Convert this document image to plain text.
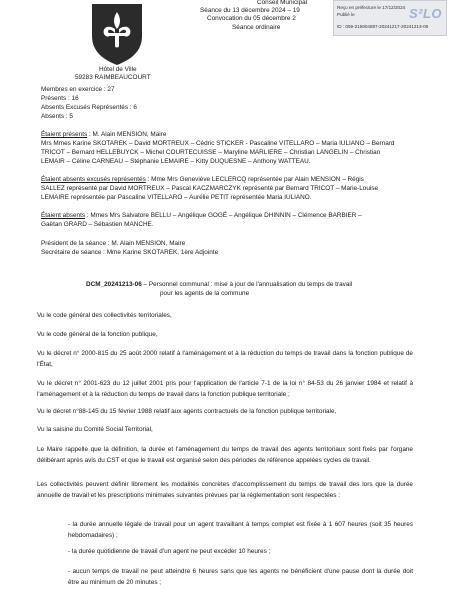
Conseil Municipal
Séance du 13 décembre 2024 – 19
Convocation du 05 décembre 2
Séance ordinaire
Reçu en préfecture le 17/12/2024
Publié le
ID : 059-215904897-20241217-20241213-06
S²LO
Hôtel de Ville
59283 RAIMBEAUCOURT
Membres en exercice : 27
Présents : 16
Absents Excusés Représentés : 6
Absents : 5
Étaient présents : M. Alain MENSION, Maire
Mrs Mmes Karine SKOTAREK – David MORTREUX – Cédric STICKER - Pascaline VITELLARO – Maria IULIANO – Bernard
TRICOT – Bernard HELLEBUYCK – Michel COURTECUISSE – Maryline MARLIERE – Christian LANGELIN – Christian
LEMAIR – Céline CARNEAU – Stéphanie LEMAIRE – Kitty DUQUESNE – Anthony WATTEAU.
Étaient absents excusés représentés : Mme Mrs Geneviève LECLERCQ représentée par Alain MENSION – Régis
SALLEZ représenté par David MORTREUX – Pascal KACZMARCZYK représenté par Bernard TRICOT – Marie-Louise
LEMAIRE représentée par Pascaline VITELLARO – Aurélie PETIT représentée Maria IULIANO.
Étaient absents : Mmes Mrs Salvatore BELLU – Angélique GOGÉ – Angélique DHINNIN – Clémence BARBIER –
Gaëtan GRARD – Sébastien MANCHE.
Président de la séance : M. Alain MENSION, Maire
Secrétaire de séance : Mme Karine SKOTAREK, 1ère Adjointe
DCM_20241213-06 – Personnel communal : mise à jour de l'annualisation du temps de travail
pour les agents de la commune
Vu le code général des collectivités territoriales,
Vu le code général de la fonction publique,
Vu le décret n° 2000-815 du 25 août 2000 relatif à l'aménagement et à la réduction du temps de travail dans la fonction publique de l'État,
Vu le décret n° 2001-623 du 12 juillet 2001 pris pour l'application de l'article 7-1 de la loi n° 84-53 du 26 janvier 1984 et relatif à l'aménagement et à la réduction du temps de travail dans la fonction publique territoriale ;
Vu le décret n°88-145 du 15 février 1988 relatif aux agents contractuels de la fonction publique territoriale,
Vu la saisine du Comité Social Territorial,
Le Maire rappelle que la définition, la durée et l'aménagement du temps de travail des agents territoriaux sont fixés par l'organe délibérant après avis du CST et que le travail est organisé selon des périodes de référence appelées cycles de travail.
Les collectivités peuvent définir librement les modalités concrètes d'accomplissement du temps de travail des lors que la durée annuelle de travail et les prescriptions minimales suivantes prévues par la réglementation sont respectées :
- la durée annuelle légale de travail pour un agent travaillant à temps complet est fixée à 1 607 heures (soit 35 heures hebdomadaires) ;
- la durée quotidienne de travail d'un agent ne peut excéder 10 heures ;
- aucun temps de travail ne peut atteindre 6 heures sans que les agents ne bénéficient d'une pause dont la durée doit être au minimum de 20 minutes ;
